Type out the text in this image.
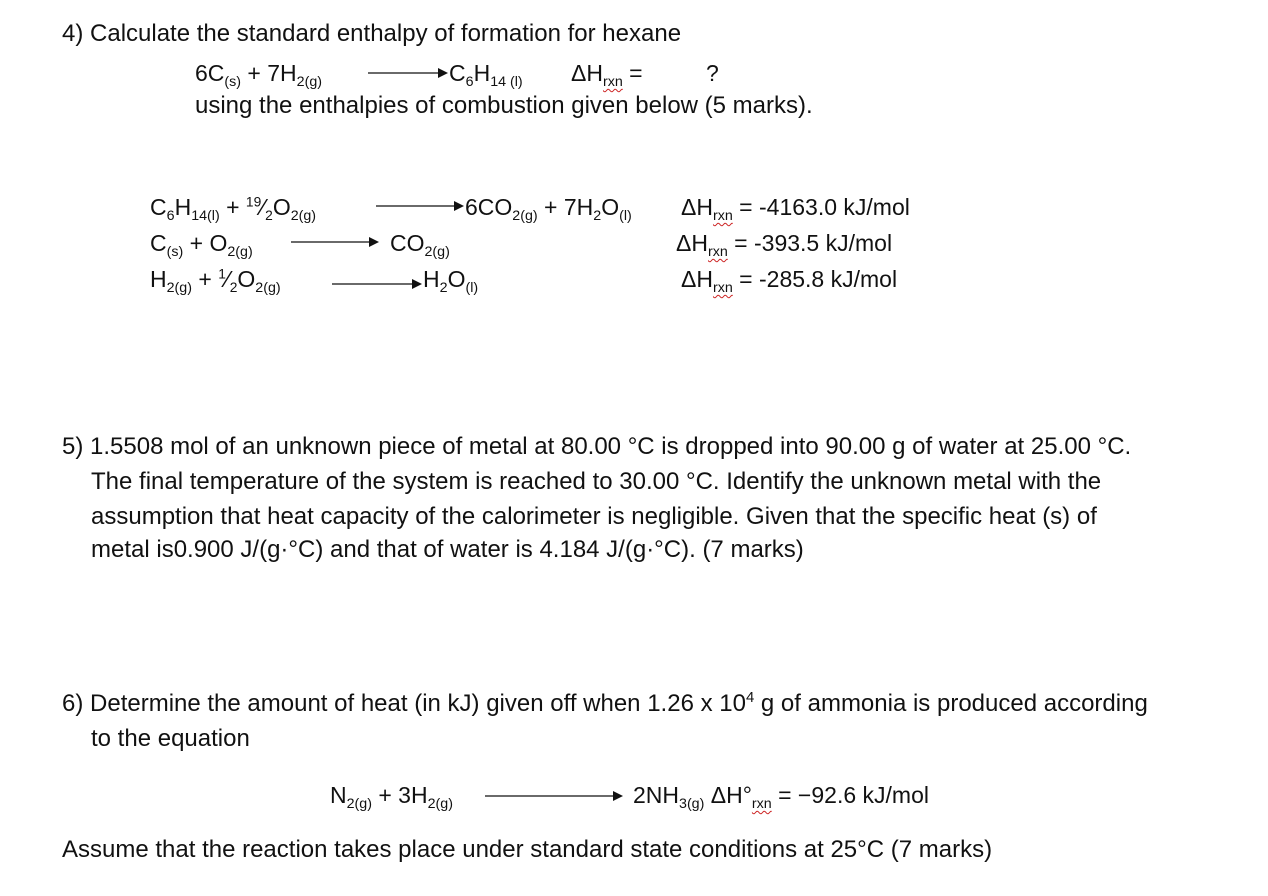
4) Calculate the standard enthalpy of formation for hexane
$6C_{(s)} + 7H_{2(g)}$	$C_6H_{14 (l)}$ $\Delta H_{rxn}$ =	?
using the enthalpies of combustion given below (5 marks).
$C_6H_{14(l)}$ + $^{19}⁄_2O_{2(g)}$	$6CO_{2(g)} + 7H_2O_{(l)}$ $\Delta H_{rxn} = -4163.0$ kJ/mol
$C_{(s)} + O_{2(g)}$	$CO_{2(g)}$	$\Delta H_{rxn} = -393.5$ kJ/mol
$H_{2(g)}$ + $^1⁄_2O_{2(g)}$	$H_2O_{(l)}$	$\Delta H_{rxn} = -285.8$ kJ/mol
5) 1.5508 mol of an unknown piece of metal at 80.00 °C is dropped into 90.00 g of water at 25.00 °C.
The final temperature of the system is reached to 30.00 °C. Identify the unknown metal with the
assumption that heat capacity of the calorimeter is negligible. Given that the specific heat (s) of
metal is0.900 J/(g·°C) and that of water is 4.184 J/(g·°C). (7 marks)
6) Determine the amount of heat (in kJ) given off when 1.26 x $10^4$ g of ammonia is produced according
to the equation
$N_{2(g)} + 3H_{2(g)}$	$2NH_{3(g)}$ $\Delta H^\circ_{rxn} = -92.6$ kJ/mol
Assume that the reaction takes place under standard state conditions at 25°C (7 marks)
